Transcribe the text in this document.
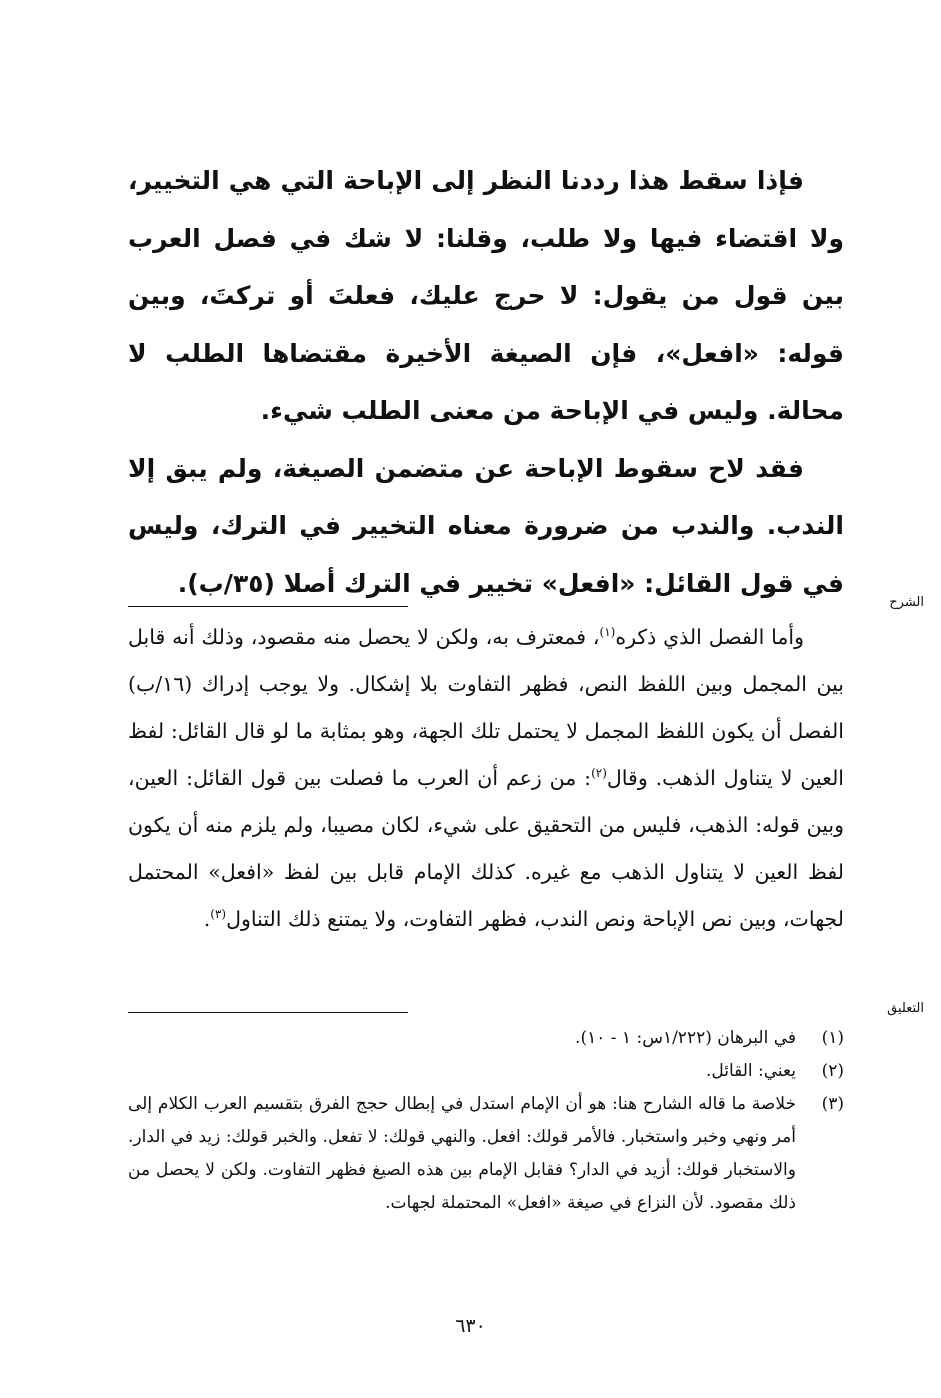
فإذا سقط هذا رددنا النظر إلى الإباحة التي هي التخيير، ولا اقتضاء فيها ولا طلب، وقلنا: لا شك في فصل العرب بين قول من يقول: لا حرج عليك، فعلتَ أو تركتَ، وبين قوله: «افعل»، فإن الصيغة الأخيرة مقتضاها الطلب لا محالة. وليس في الإباحة من معنى الطلب شيء.

فقد لاح سقوط الإباحة عن متضمن الصيغة، ولم يبق إلا الندب. والندب من ضرورة معناه التخيير في الترك، وليس في قول القائل: «افعل» تخيير في الترك أصلا (٣٥/ب).

الشرح

وأما الفصل الذي ذكره$^{(١)}$، فمعترف به، ولكن لا يحصل منه مقصود، وذلك أنه قابل بين المجمل وبين اللفظ النص، فظهر التفاوت بلا إشكال. ولا يوجب إدراك (١٦/ب) الفصل أن يكون اللفظ المجمل لا يحتمل تلك الجهة، وهو بمثابة ما لو قال القائل: لفظ العين لا يتناول الذهب. وقال$^{(٢)}$: من زعم أن العرب ما فصلت بين قول القائل: العين، وبين قوله: الذهب، فليس من التحقيق على شيء، لكان مصيبا، ولم يلزم منه أن يكون لفظ العين لا يتناول الذهب مع غيره. كذلك الإمام قابل بين لفظ «افعل» المحتمل لجهات، وبين نص الإباحة ونص الندب، فظهر التفاوت، ولا يمتنع ذلك التناول$^{(٣)}$.

التعليق
(١)
في البرهان (١/٢٢٢س: ١ - ١٠).
(٢)
يعني: القائل.
(٣)
خلاصة ما قاله الشارح هنا: هو أن الإمام استدل في إبطال حجج الفرق بتقسيم العرب الكلام إلى أمر ونهي وخبر واستخبار. فالأمر قولك: افعل. والنهي قولك: لا تفعل. والخبر قولك: زيد في الدار. والاستخبار قولك: أزيد في الدار؟ فقابل الإمام بين هذه الصيغ فظهر التفاوت. ولكن لا يحصل من ذلك مقصود. لأن النزاع في صيغة «افعل» المحتملة لجهات.
٦٣٠
